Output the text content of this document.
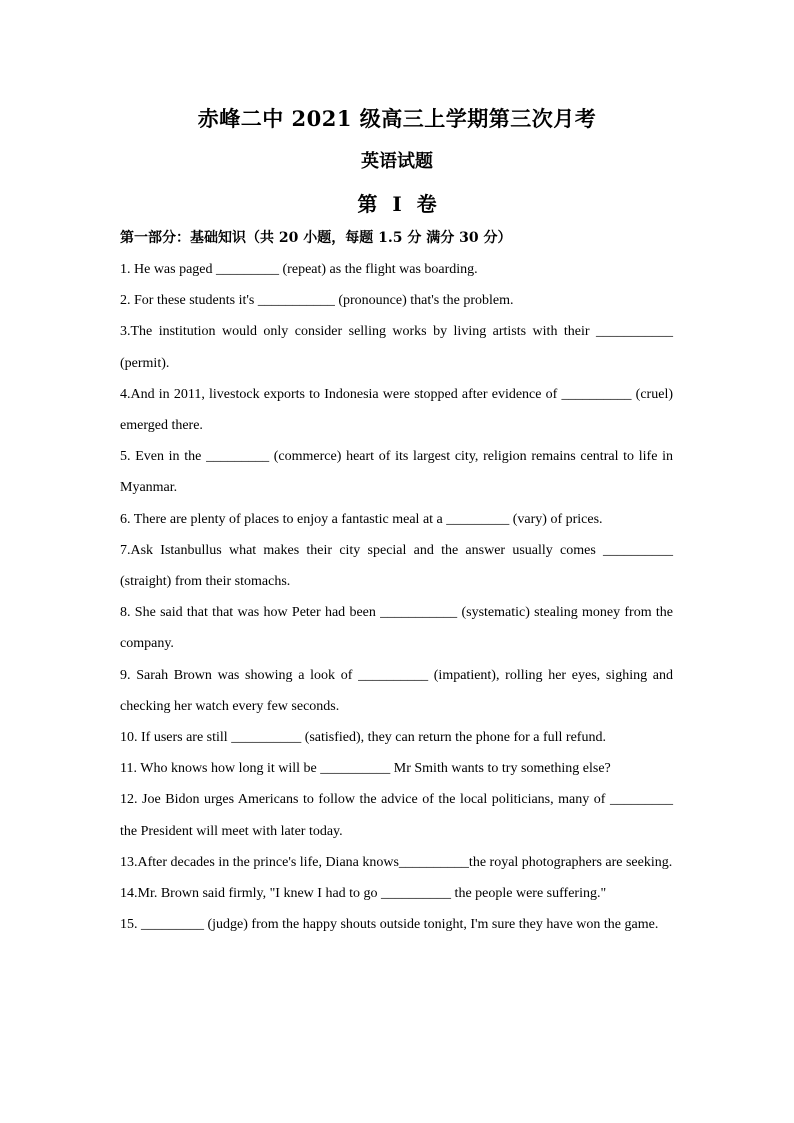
赤峰二中 2021 级高三上学期第三次月考
英语试题
第 Ⅰ 卷
第一部分：基础知识（共 20 小题，每题 1.5 分 满分 30 分）

1. He was paged _________ (repeat) as the flight was boarding.

2. For these students it's ___________ (pronounce) that's the problem.

3.The institution would only consider selling works by living artists with their ___________ (permit).

4.And in 2011, livestock exports to Indonesia were stopped after evidence of __________ (cruel) emerged there.

5. Even in the _________ (commerce) heart of its largest city, religion remains central to life in Myanmar.

6. There are plenty of places to enjoy a fantastic meal at a _________ (vary) of prices.

7.Ask Istanbullus what makes their city special and the answer usually comes __________ (straight) from their stomachs.

8. She said that that was how Peter had been ___________ (systematic) stealing money from the company.

9. Sarah Brown was showing a look of __________ (impatient), rolling her eyes, sighing and checking her watch every few seconds.

10. If users are still __________ (satisfied), they can return the phone for a full refund.

11. Who knows how long it will be __________ Mr Smith wants to try something else?

12. Joe Bidon urges Americans to follow the advice of the local politicians, many of _________ the President will meet with later today.

13.After decades in the prince's life, Diana knows__________the royal photographers are seeking.

14.Mr. Brown said firmly, "I knew I had to go __________ the people were suffering."

15. _________ (judge) from the happy shouts outside tonight, I'm sure they have won the game.
